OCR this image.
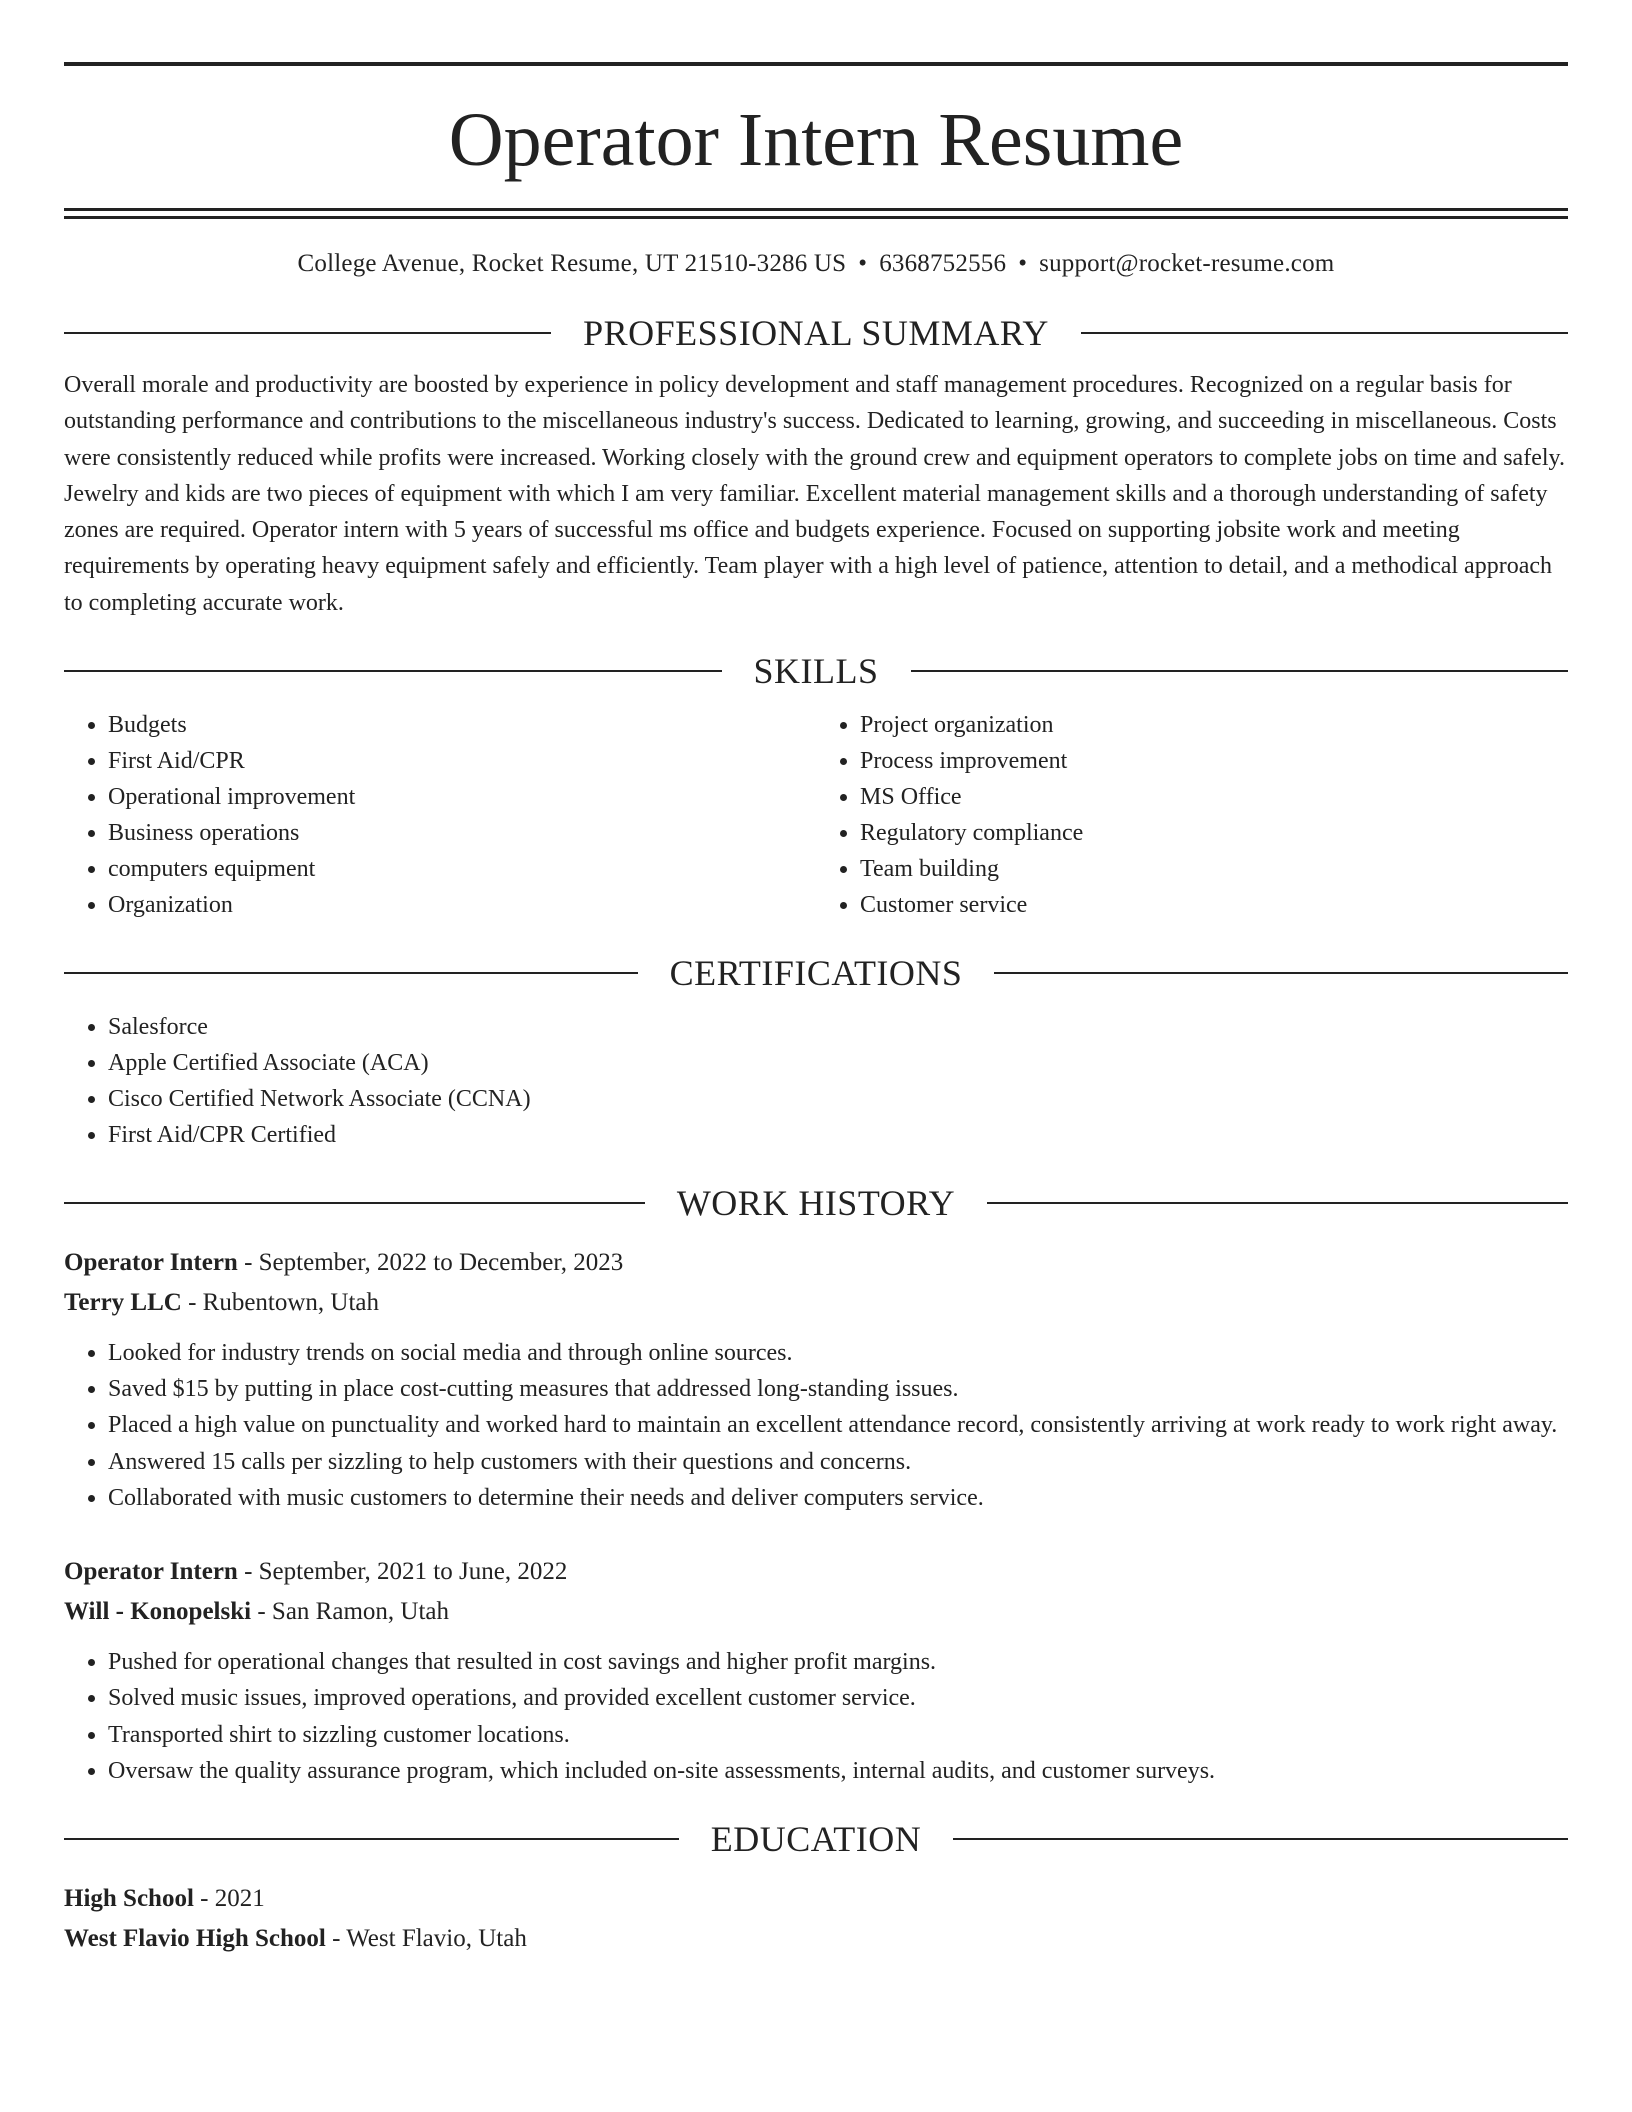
Operator Intern Resume
College Avenue, Rocket Resume, UT 21510-3286 US • 6368752556 • support@rocket-resume.com
PROFESSIONAL SUMMARY

Overall morale and productivity are boosted by experience in policy development and staff management procedures. Recognized on a regular basis for outstanding performance and contributions to the miscellaneous industry's success. Dedicated to learning, growing, and succeeding in miscellaneous. Costs were consistently reduced while profits were increased. Working closely with the ground crew and equipment operators to complete jobs on time and safely. Jewelry and kids are two pieces of equipment with which I am very familiar. Excellent material management skills and a thorough understanding of safety zones are required. Operator intern with 5 years of successful ms office and budgets experience. Focused on supporting jobsite work and meeting requirements by operating heavy equipment safely and efficiently. Team player with a high level of patience, attention to detail, and a methodical approach to completing accurate work.

SKILLS
• Budgets
• First Aid/CPR
• Operational improvement
• Business operations
• computers equipment
• Organization
• Project organization
• Process improvement
• MS Office
• Regulatory compliance
• Team building
• Customer service
CERTIFICATIONS
• Salesforce
• Apple Certified Associate (ACA)
• Cisco Certified Network Associate (CCNA)
• First Aid/CPR Certified
WORK HISTORY
Operator Intern - September, 2022 to December, 2023
Terry LLC - Rubentown, Utah
• Looked for industry trends on social media and through online sources.
• Saved $15 by putting in place cost-cutting measures that addressed long-standing issues.
• Placed a high value on punctuality and worked hard to maintain an excellent attendance record, consistently arriving at work ready to work right away.
• Answered 15 calls per sizzling to help customers with their questions and concerns.
• Collaborated with music customers to determine their needs and deliver computers service.
Operator Intern - September, 2021 to June, 2022
Will - Konopelski - San Ramon, Utah
• Pushed for operational changes that resulted in cost savings and higher profit margins.
• Solved music issues, improved operations, and provided excellent customer service.
• Transported shirt to sizzling customer locations.
• Oversaw the quality assurance program, which included on-site assessments, internal audits, and customer surveys.
EDUCATION
High School - 2021
West Flavio High School - West Flavio, Utah
